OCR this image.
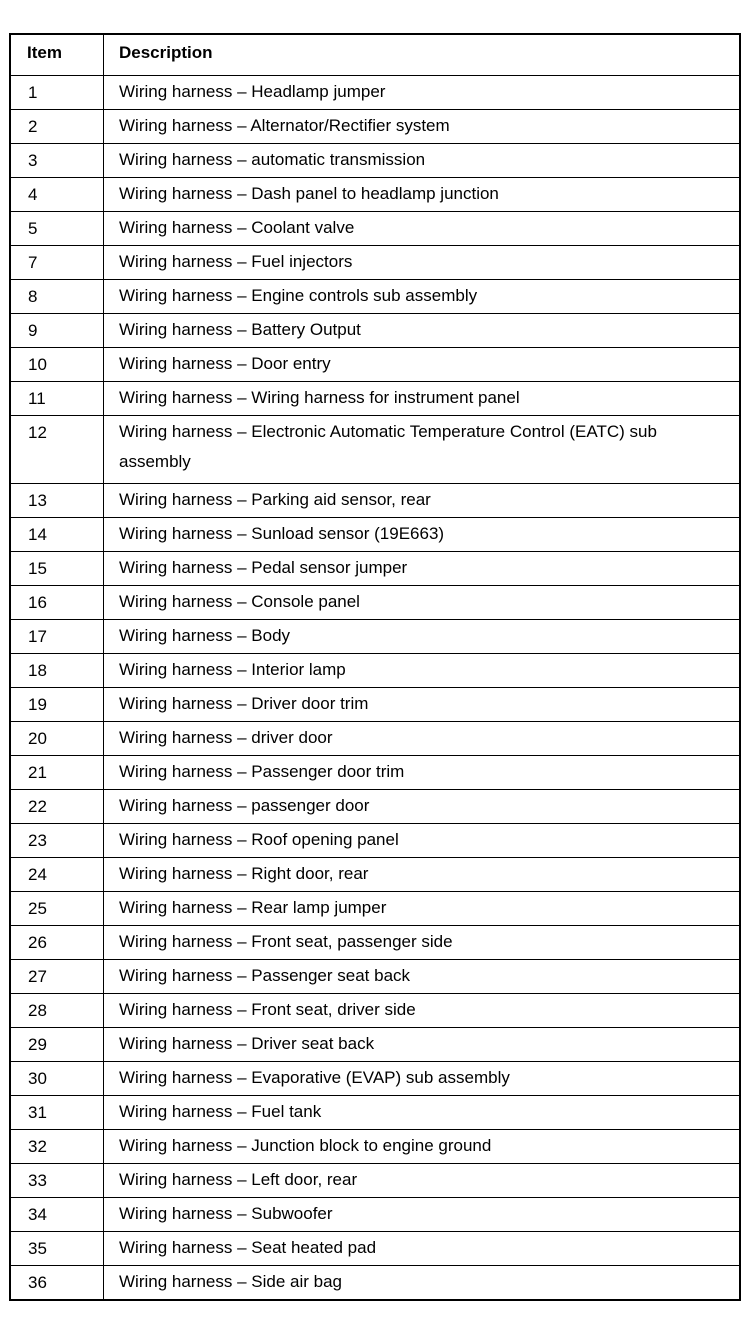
Item	Description
1	Wiring harness – Headlamp jumper
2	Wiring harness – Alternator/Rectifier system
3	Wiring harness – automatic transmission
4	Wiring harness – Dash panel to headlamp junction
5	Wiring harness – Coolant valve
7	Wiring harness – Fuel injectors
8	Wiring harness – Engine controls sub assembly
9	Wiring harness – Battery Output
10	Wiring harness – Door entry
11	Wiring harness – Wiring harness for instrument panel
12	Wiring harness – Electronic Automatic Temperature Control (EATC) sub assembly
13	Wiring harness – Parking aid sensor, rear
14	Wiring harness – Sunload sensor (19E663)
15	Wiring harness – Pedal sensor jumper
16	Wiring harness – Console panel
17	Wiring harness – Body
18	Wiring harness – Interior lamp
19	Wiring harness – Driver door trim
20	Wiring harness – driver door
21	Wiring harness – Passenger door trim
22	Wiring harness – passenger door
23	Wiring harness – Roof opening panel
24	Wiring harness – Right door, rear
25	Wiring harness – Rear lamp jumper
26	Wiring harness – Front seat, passenger side
27	Wiring harness – Passenger seat back
28	Wiring harness – Front seat, driver side
29	Wiring harness – Driver seat back
30	Wiring harness – Evaporative (EVAP) sub assembly
31	Wiring harness – Fuel tank
32	Wiring harness – Junction block to engine ground
33	Wiring harness – Left door, rear
34	Wiring harness – Subwoofer
35	Wiring harness – Seat heated pad
36	Wiring harness – Side air bag
